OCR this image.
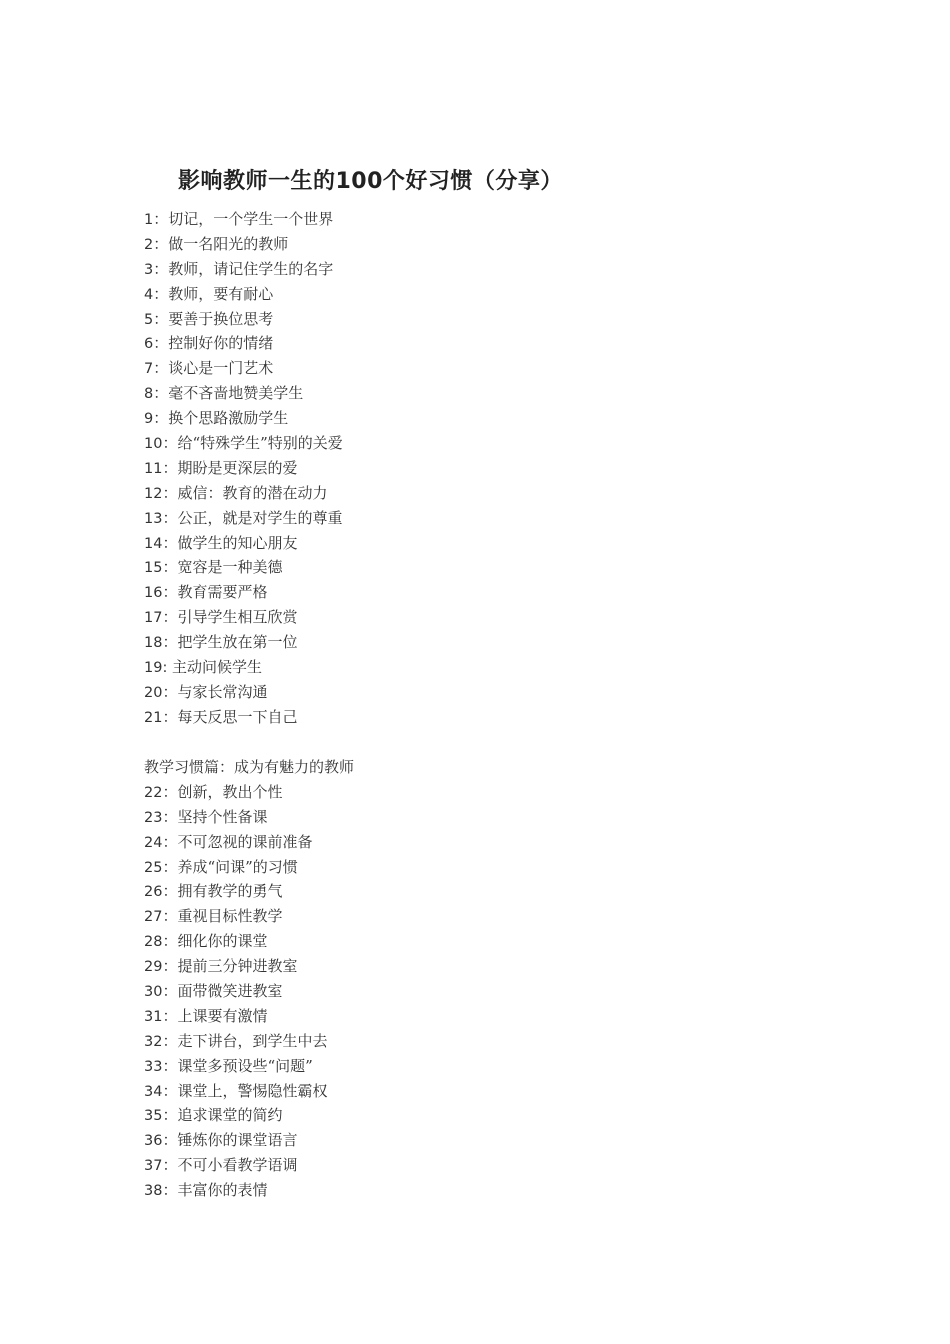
影响教师一生的100个好习惯（分享）
1：切记，一个学生一个世界
2：做一名阳光的教师
3：教师，请记住学生的名字
4：教师，要有耐心
5：要善于换位思考
6：控制好你的情绪
7：谈心是一门艺术
8：毫不吝啬地赞美学生
9：换个思路激励学生
10：给“特殊学生”特别的关爱
11：期盼是更深层的爱
12：威信：教育的潜在动力
13：公正，就是对学生的尊重
14：做学生的知心朋友
15：宽容是一种美德
16：教育需要严格
17：引导学生相互欣赏
18：把学生放在第一位
19: 主动问候学生
20：与家长常沟通
21：每天反思一下自己
教学习惯篇：成为有魅力的教师
22：创新，教出个性
23：坚持个性备课
24：不可忽视的课前准备
25：养成“问课”的习惯
26：拥有教学的勇气
27：重视目标性教学
28：细化你的课堂
29：提前三分钟进教室
30：面带微笑进教室
31：上课要有激情
32：走下讲台，到学生中去
33：课堂多预设些“问题”
34：课堂上，警惕隐性霸权
35：追求课堂的简约
36：锤炼你的课堂语言
37：不可小看教学语调
38：丰富你的表情
